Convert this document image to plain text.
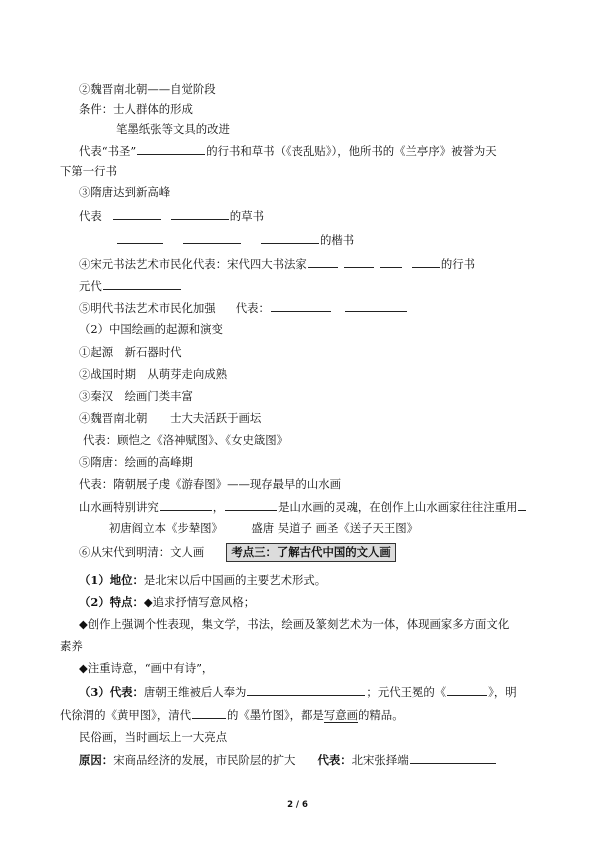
②魏晋南北朝——自觉阶段
条件：士人群体的形成
笔墨纸张等文具的改进
代表“书圣”	的行书和草书（《丧乱贴》），他所书的《兰亭序》被誉为天
下第一行书
③隋唐达到新高峰
代表	的草书
的楷书
④宋元书法艺术市民化代表：宋代四大书法家	的行书
元代
⑤明代书法艺术市民化加强 代表：
（2）中国绘画的起源和演变
①起源　新石器时代
②战国时期　从萌芽走向成熟
③秦汉　绘画门类丰富
④魏晋南北朝　　士大夫活跃于画坛
代表：顾恺之《洛神赋图》、《女史箴图》
⑤隋唐：绘画的高峰期
代表：隋朝展子虔《游春图》——现存最早的山水画
山水画特别讲究	，	是山水画的灵魂，在创作上山水画家往往注重用
初唐阎立本《步辇图》　　　盛唐 吴道子 画圣《送子天王图》
⑥从宋代到明清：文人画 考点三：了解古代中国的文人画
（1）地位：是北宋以后中国画的主要艺术形式。
（2）特点：◆追求抒情写意风格；
◆创作上强调个性表现，集文学，书法，绘画及篆刻艺术为一体，体现画家多方面文化
素养
◆注重诗意，“画中有诗”，
（3）代表：唐朝王维被后人奉为	；元代王冕的《	》，明
代徐渭的《黄甲图》，清代	的《墨竹图》，都是写意画的精品。
民俗画，当时画坛上一大亮点
原因：宋商品经济的发展，市民阶层的扩大 代表：北宋张择端
2 / 6
